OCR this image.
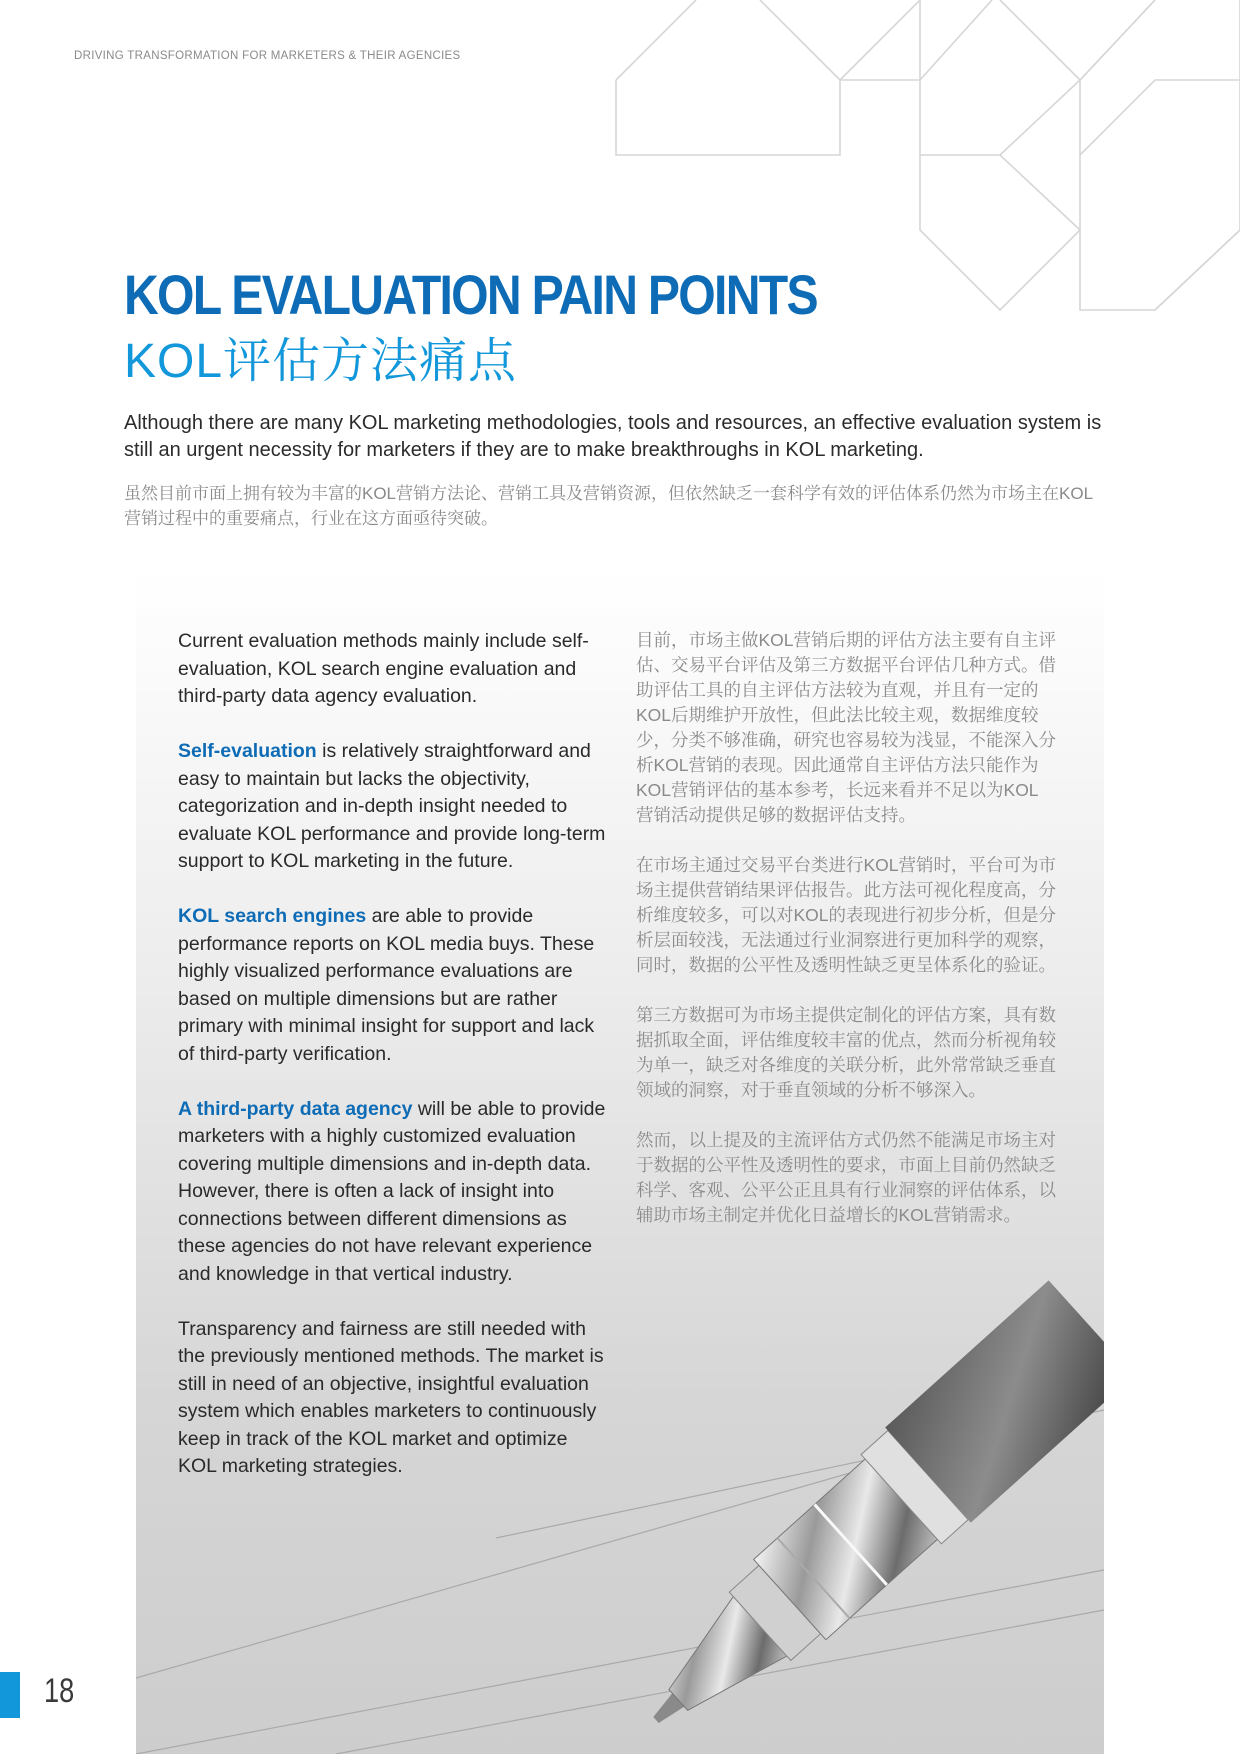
DRIVING TRANSFORMATION FOR MARKETERS & THEIR AGENCIES
KOL EVALUATION PAIN POINTS
KOL评估方法痛点

Although there are many KOL marketing methodologies, tools and resources, an effective evaluation system is still an urgent necessity for marketers if they are to make breakthroughs in KOL marketing.

虽然目前市面上拥有较为丰富的KOL营销方法论、营销工具及营销资源，但依然缺乏一套科学有效的评估体系仍然为市场主在KOL营销过程中的重要痛点，行业在这方面亟待突破。

Current evaluation methods mainly include self-evaluation, KOL search engine evaluation and third-party data agency evaluation.

Self-evaluation is relatively straightforward and easy to maintain but lacks the objectivity, categorization and in-depth insight needed to evaluate KOL performance and provide long-term support to KOL marketing in the future.

KOL search engines are able to provide performance reports on KOL media buys. These highly visualized performance evaluations are based on multiple dimensions but are rather primary with minimal insight for support and lack of third-party verification.

A third-party data agency will be able to provide marketers with a highly customized evaluation covering multiple dimensions and in-depth data. However, there is often a lack of insight into connections between different dimensions as these agencies do not have relevant experience and knowledge in that vertical industry.

Transparency and fairness are still needed with the previously mentioned methods. The market is still in need of an objective, insightful evaluation system which enables marketers to continuously keep in track of the KOL market and optimize KOL marketing strategies.

目前，市场主做KOL营销后期的评估方法主要有自主评估、交易平台评估及第三方数据平台评估几种方式。借助评估工具的自主评估方法较为直观，并且有一定的KOL后期维护开放性，但此法比较主观，数据维度较少，分类不够准确，研究也容易较为浅显，不能深入分析KOL营销的表现。因此通常自主评估方法只能作为KOL营销评估的基本参考，长远来看并不足以为KOL营销活动提供足够的数据评估支持。

在市场主通过交易平台类进行KOL营销时，平台可为市场主提供营销结果评估报告。此方法可视化程度高，分析维度较多，可以对KOL的表现进行初步分析，但是分析层面较浅，无法通过行业洞察进行更加科学的观察，同时，数据的公平性及透明性缺乏更呈体系化的验证。

第三方数据可为市场主提供定制化的评估方案，具有数据抓取全面，评估维度较丰富的优点，然而分析视角较为单一，缺乏对各维度的关联分析，此外常常缺乏垂直领域的洞察，对于垂直领域的分析不够深入。

然而，以上提及的主流评估方式仍然不能满足市场主对于数据的公平性及透明性的要求，市面上目前仍然缺乏科学、客观、公平公正且具有行业洞察的评估体系，以辅助市场主制定并优化日益增长的KOL营销需求。

18
